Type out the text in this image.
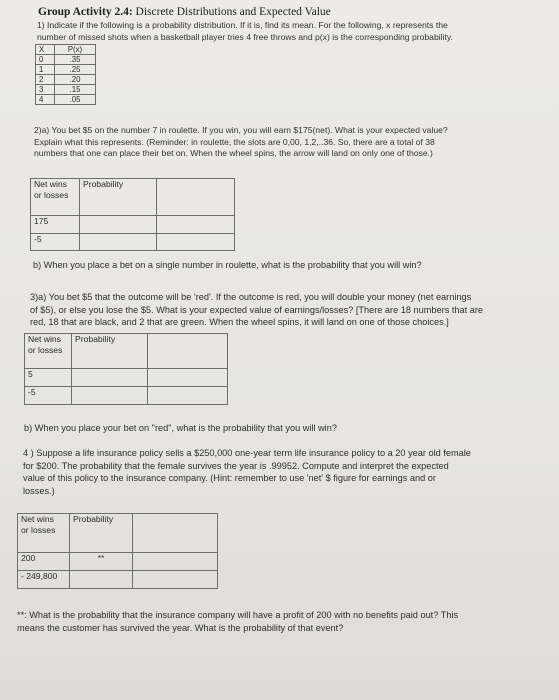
Group Activity 2.4: Discrete Distributions and Expected Value
1) Indicate if the following is a probability distribution. If it is, find its mean. For the following, x represents the
number of missed shots when a basketball player tries 4 free throws and p(x) is the corresponding probability.
X	P(x)
0	.35
1	.25
2	.20
3	.15
4	.05
2)a) You bet $5 on the number 7 in roulette. If you win, you will earn $175(net). What is your expected value?
Explain what this represents. (Reminder: in roulette, the slots are 0,00, 1,2,..36. So, there are a total of 38
numbers that one can place their bet on. When the wheel spins, the arrow will land on only one of those.)
Net wins
or losses	Probability	
175		
-5		
b) When you place a bet on a single number in roulette, what is the probability that you will win?
3)a) You bet $5 that the outcome will be 'red'. If the outcome is red, you will double your money (net earnings
of $5), or else you lose the $5. What is your expected value of earnings/losses? [There are 18 numbers that are
red, 18 that are black, and 2 that are green. When the wheel spins, it will land on one of those choices.]
Net wins
or losses	Probability	
5		
-5		
b) When you place your bet on "red", what is the probability that you will win?
4 ) Suppose a life insurance policy sells a $250,000 one-year term life insurance policy to a 20 year old female
for $200. The probability that the female survives the year is .99952. Compute and interpret the expected
value of this policy to the insurance company. (Hint: remember to use 'net' $ figure for earnings and or
losses.)
Net wins
or losses	Probability	
200	**	
- 249,800		
**: What is the probability that the insurance company will have a profit of 200 with no benefits paid out? This
means the customer has survived the year. What is the probability of that event?
